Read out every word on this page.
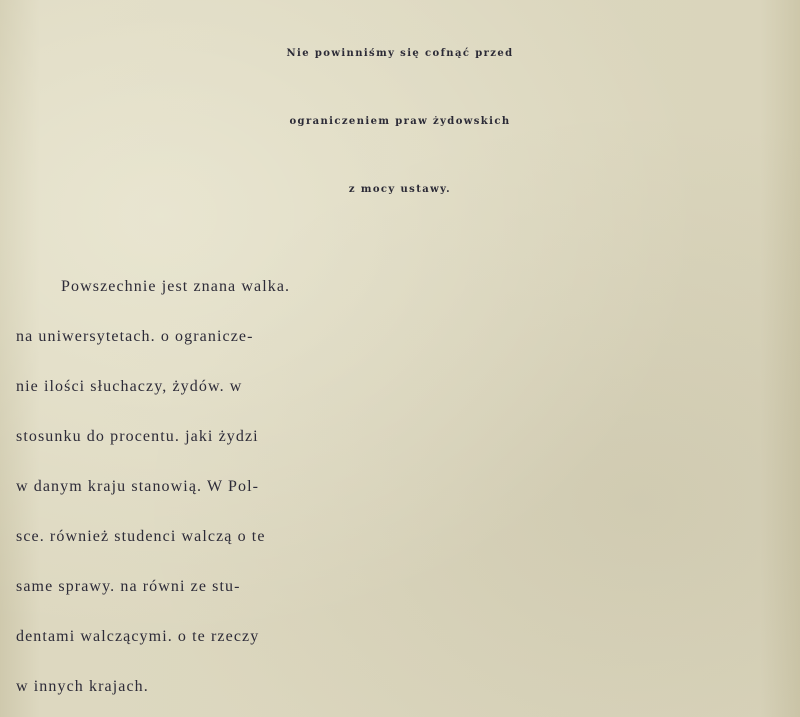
Nie powinniśmy się cofnąć przed
ograniczeniem praw żydowskich
z mocy ustawy.

Powszechnie jest znana walka.
na uniwersytetach. o ogranicze-
nie ilości słuchaczy, żydów. w
stosunku do procentu. jaki żydzi
w danym kraju stanowią. W Pol-
sce. również studenci walczą o te
same sprawy. na równi ze stu-
dentami walczącymi. o te rzeczy
w innych krajach.
